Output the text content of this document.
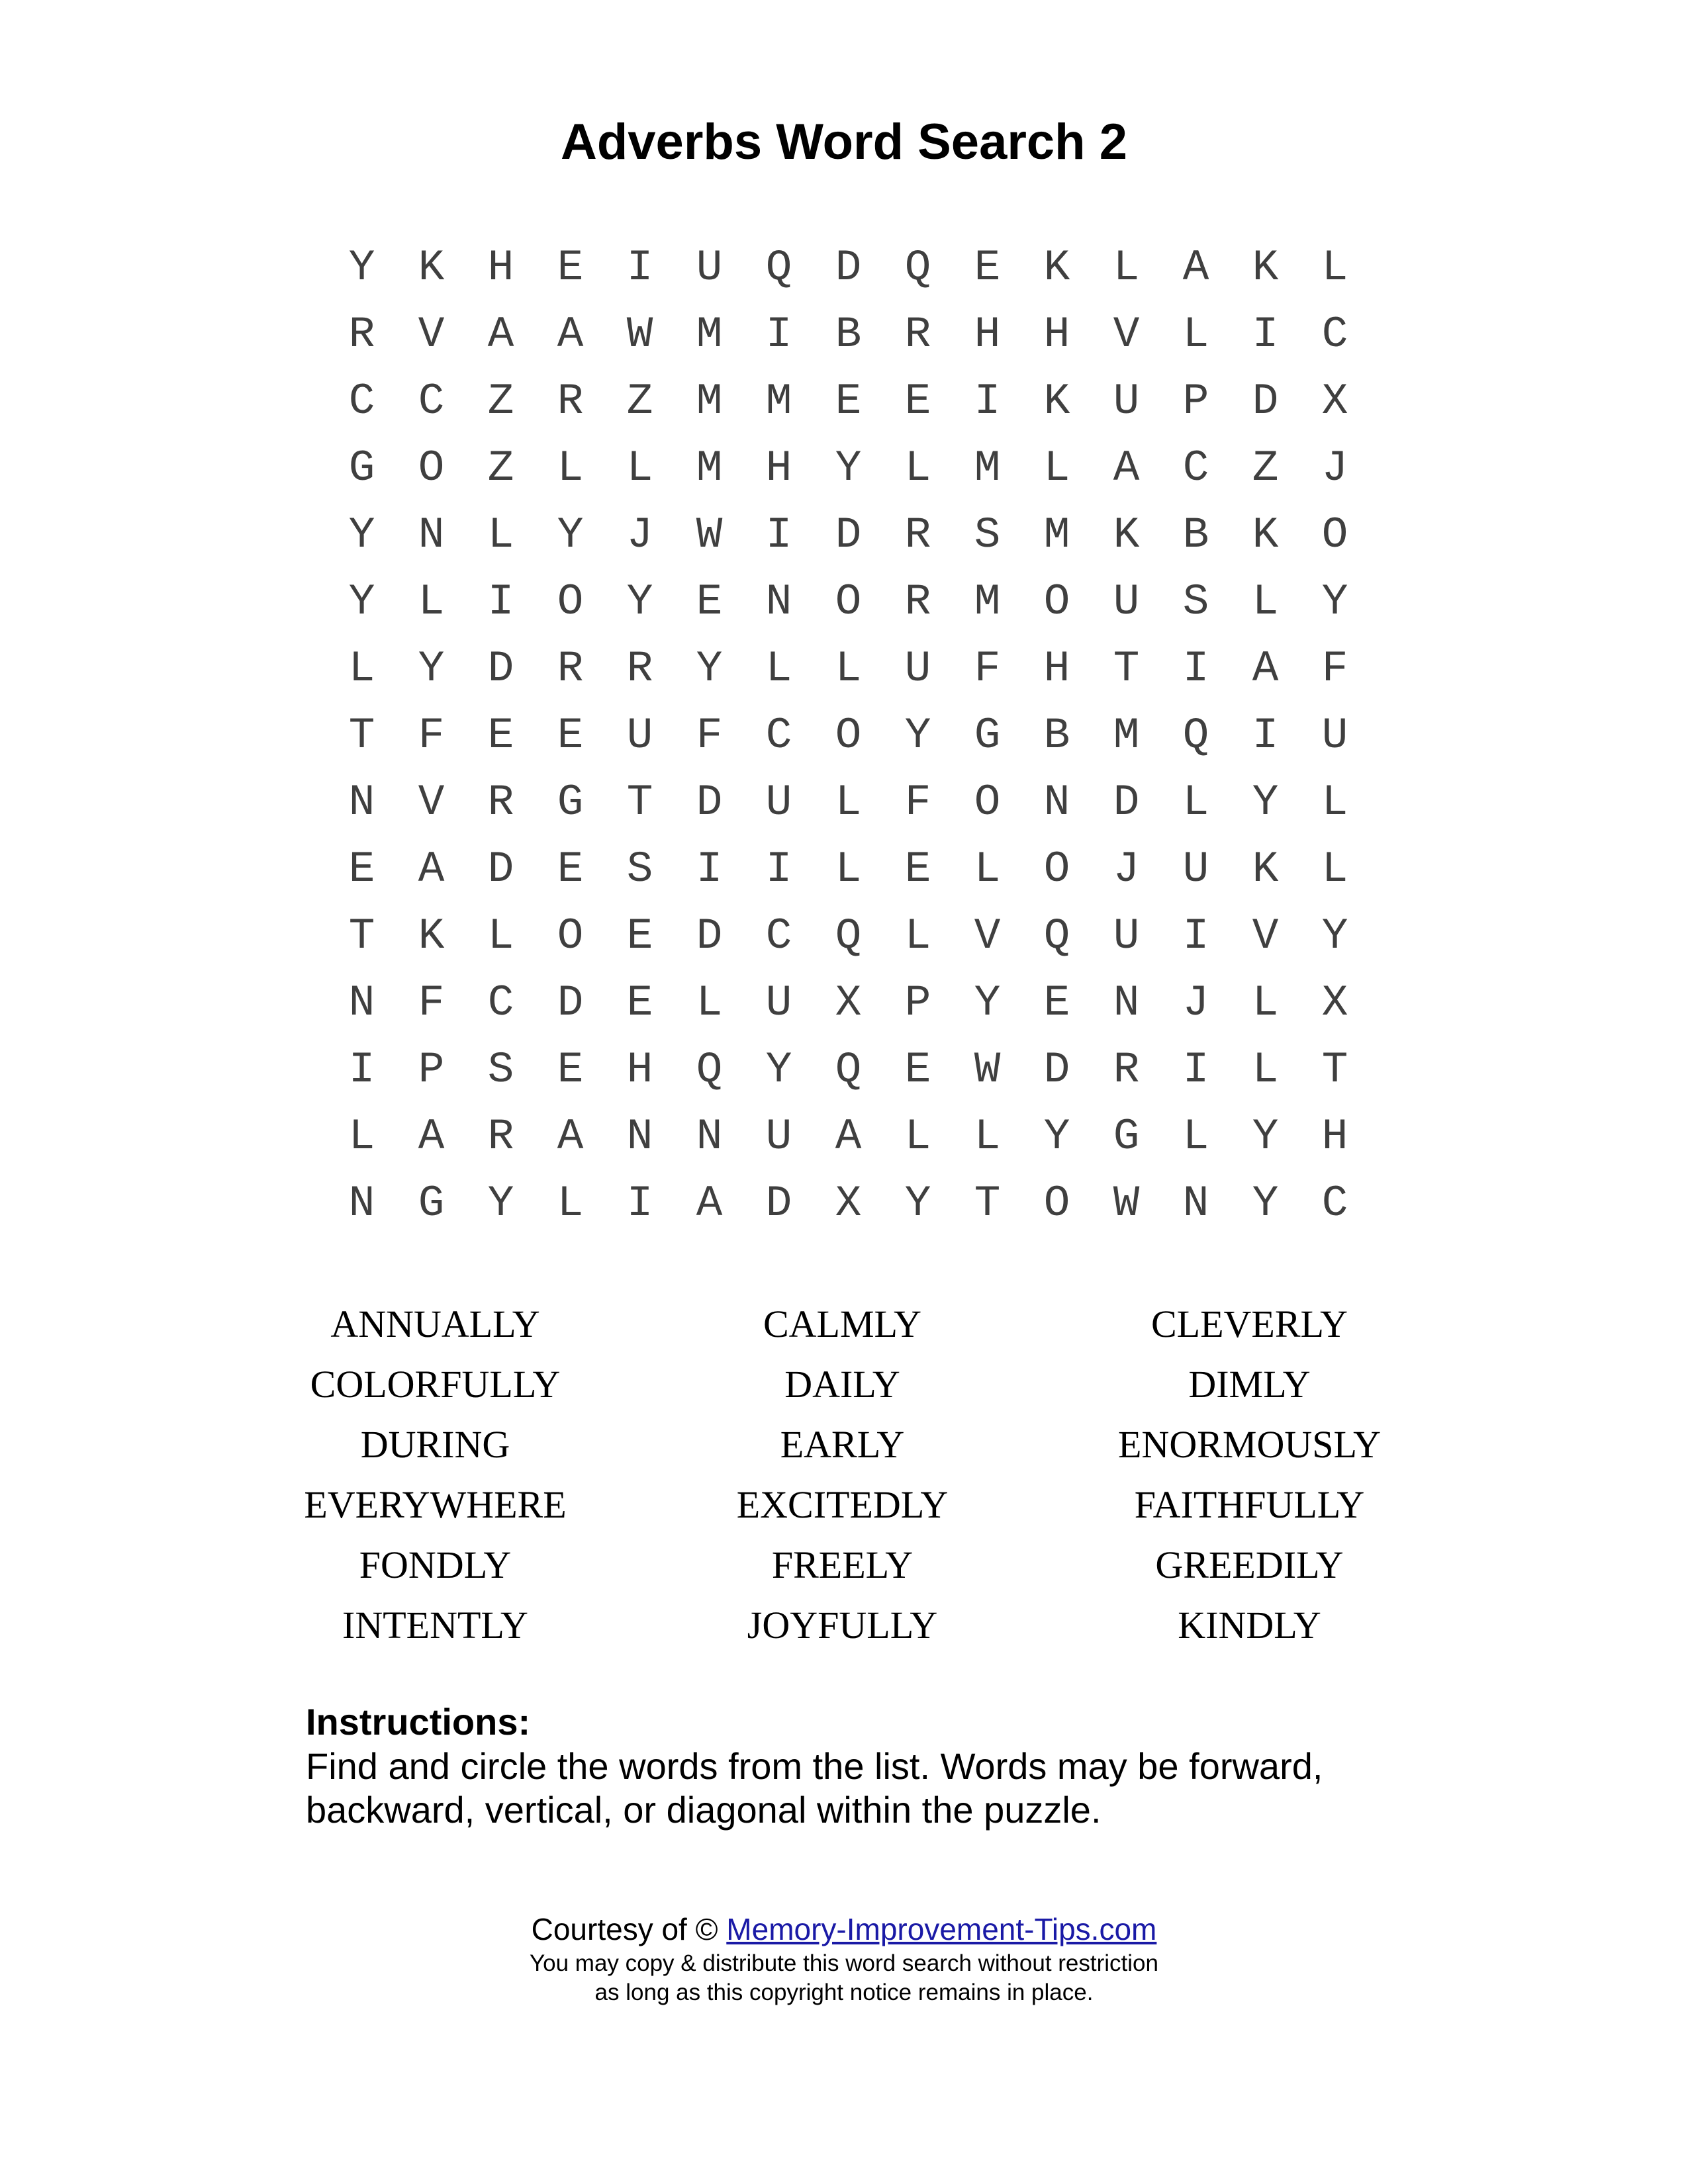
Adverbs Word Search 2
Y K H E I U Q D Q E K L A K L
R V A A W M I B R H H V L I C
C C Z R Z M M E E I K U P D X
G O Z L L M H Y L M L A C Z J
Y N L Y J W I D R S M K B K O
Y L I O Y E N O R M O U S L Y
L Y D R R Y L L U F H T I A F
T F E E U F C O Y G B M Q I U
N V R G T D U L F O N D L Y L
E A D E S I I L E L O J U K L
T K L O E D C Q L V Q U I V Y
N F C D E L U X P Y E N J L X
I P S E H Q Y Q E W D R I L T
L A R A N N U A L L Y G L Y H
N G Y L I A D X Y T O W N Y C
ANNUALLY	CALMLY	CLEVERLY
COLORFULLY	DAILY	DIMLY
DURING	EARLY	ENORMOUSLY
EVERYWHERE	EXCITEDLY	FAITHFULLY
FONDLY	FREELY	GREEDILY
INTENTLY	JOYFULLY	KINDLY
Instructions:
Find and circle the words from the list. Words may be forward,
backward, vertical, or diagonal within the puzzle.
Courtesy of © Memory-Improvement-Tips.com
You may copy & distribute this word search without restriction
as long as this copyright notice remains in place.
